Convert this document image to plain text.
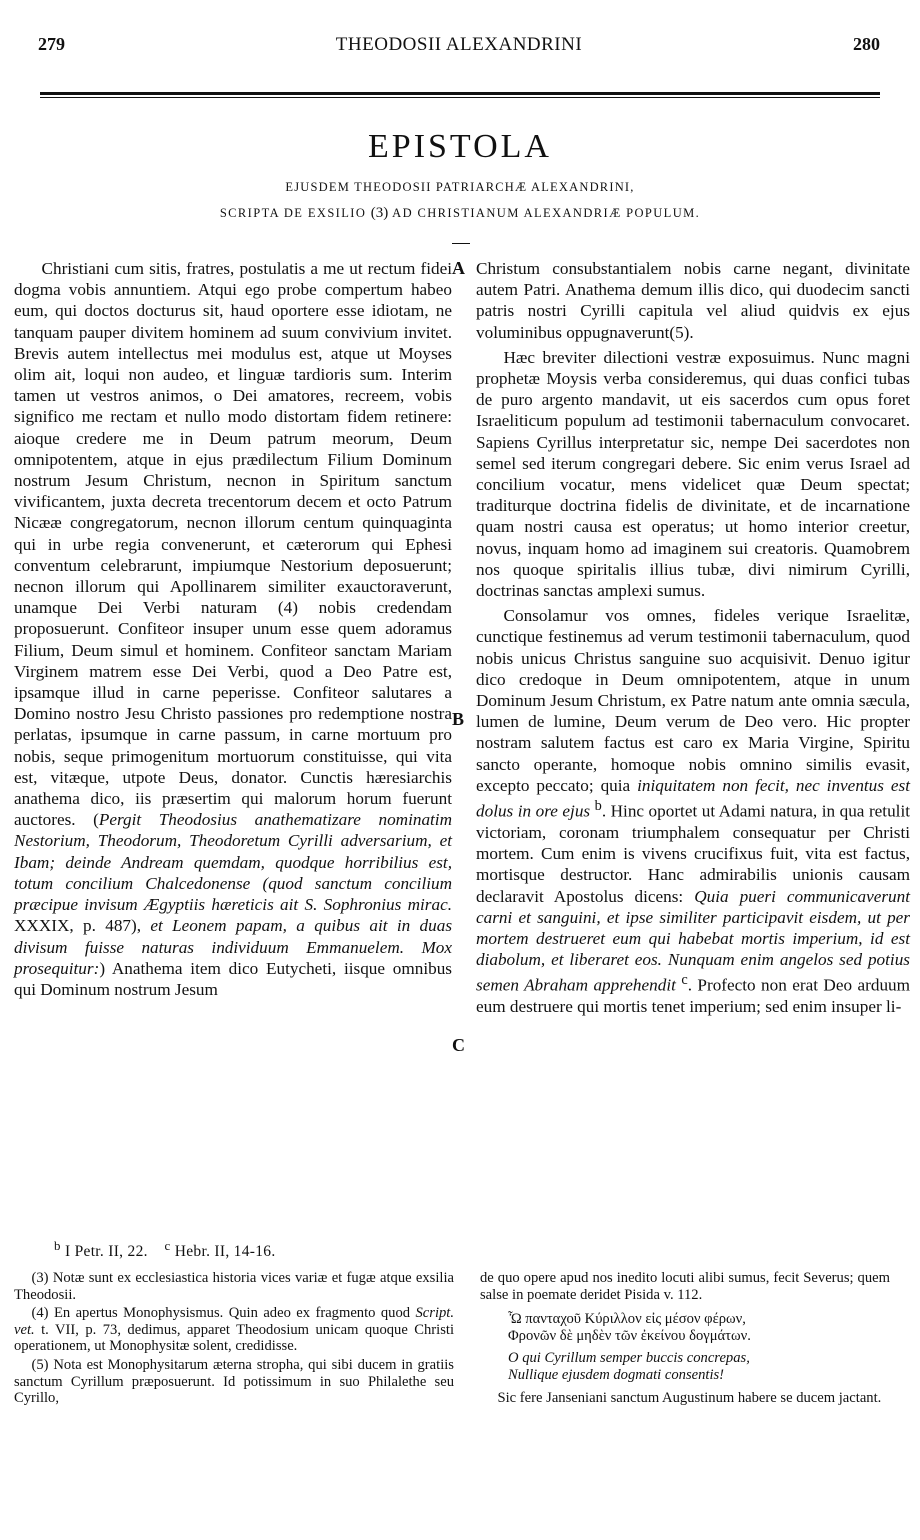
279	THEODOSII ALEXANDRINI	280
EPISTOLA
EJUSDEM THEODOSII PATRIARCHÆ ALEXANDRINI,
SCRIPTA DE EXSILIO (3) AD CHRISTIANUM ALEXANDRIÆ POPULUM.

Christiani cum sitis, fratres, postulatis a me ut rectum fidei dogma vobis annuntiem. Atqui ego probe compertum habeo eum, qui doctos docturus sit, haud oportere esse idiotam, ne tanquam pauper divitem hominem ad suum convivium invitet. Brevis autem intellectus mei modulus est, atque ut Moyses olim ait, loqui non audeo, et linguæ tardioris sum. Interim tamen ut vestros animos, o Dei amatores, recreem, vobis significo me rectam et nullo modo distortam fidem retinere: aioque credere me in Deum patrum meorum, Deum omnipotentem, atque in ejus prædilectum Filium Dominum nostrum Jesum Christum, necnon in Spiritum sanctum vivificantem, juxta decreta trecentorum decem et octo Patrum Nicææ congregatorum, necnon illorum centum quinquaginta qui in urbe regia convenerunt, et cæterorum qui Ephesi conventum celebrarunt, impiumque Nestorium deposuerunt; necnon illorum qui Apollinarem similiter exauctoraverunt, unamque Dei Verbi naturam (4) nobis credendam proposuerunt. Confiteor insuper unum esse quem adoramus Filium, Deum simul et hominem. Confiteor sanctam Mariam Virginem matrem esse Dei Verbi, quod a Deo Patre est, ipsamque illud in carne peperisse. Confiteor salutares a Domino nostro Jesu Christo passiones pro redemptione nostra perlatas, ipsumque in carne passum, in carne mortuum pro nobis, seque primogenitum mortuorum constituisse, qui vita est, vitæque, utpote Deus, donator. Cunctis hæresiarchis anathema dico, iis præsertim qui malorum horum fuerunt auctores. (Pergit Theodosius anathematizare nominatim Nestorium, Theodorum, Theodoretum Cyrilli adversarium, et Ibam; deinde Andream quemdam, quodque horribilius est, totum concilium Chalcedonense (quod sanctum concilium præcipue invisum Ægyptiis hæreticis ait S. Sophronius mirac. XXXIX, p. 487), et Leonem papam, a quibus ait in duas divisum fuisse naturas individuum Emmanuelem. Mox prosequitur:) Anathema item dico Eutycheti, iisque omnibus qui Dominum nostrum Jesum

A
B
C

Christum consubstantialem nobis carne negant, divinitate autem Patri. Anathema demum illis dico, qui duodecim sancti patris nostri Cyrilli capitula vel aliud quidvis ex ejus voluminibus oppugnaverunt(5).

Hæc breviter dilectioni vestræ exposuimus. Nunc magni prophetæ Moysis verba consideremus, qui duas confici tubas de puro argento mandavit, ut eis sacerdos cum opus foret Israeliticum populum ad testimonii tabernaculum convocaret. Sapiens Cyrillus interpretatur sic, nempe Dei sacerdotes non semel sed iterum congregari debere. Sic enim verus Israel ad concilium vocatur, mens videlicet quæ Deum spectat; traditurque doctrina fidelis de divinitate, et de incarnatione quam nostri causa est operatus; ut homo interior creetur, novus, inquam homo ad imaginem sui creatoris. Quamobrem nos quoque spiritalis illius tubæ, divi nimirum Cyrilli, doctrinas sanctas amplexi sumus.

Consolamur vos omnes, fideles verique Israelitæ, cunctique festinemus ad verum testimonii tabernaculum, quod nobis unicus Christus sanguine suo acquisivit. Denuo igitur dico credoque in Deum omnipotentem, atque in unum Dominum Jesum Christum, ex Patre natum ante omnia sæcula, lumen de lumine, Deum verum de Deo vero. Hic propter nostram salutem factus est caro ex Maria Virgine, Spiritu sancto operante, homoque nobis omnino similis evasit, excepto peccato; quia iniquitatem non fecit, nec inventus est dolus in ore ejus $^b$. Hinc oportet ut Adami natura, in qua retulit victoriam, coronam triumphalem consequatur per Christi mortem. Cum enim is vivens crucifixus fuit, vita est factus, mortisque destructor. Hanc admirabilis unionis causam declaravit Apostolus dicens: Quia pueri communicaverunt carni et sanguini, et ipse similiter participavit eisdem, ut per mortem destrueret eum qui habebat mortis imperium, id est diabolum, et liberaret eos. Nunquam enim angelos sed potius semen Abraham apprehendit $^c$. Profecto non erat Deo arduum eum destruere qui mortis tenet imperium; sed enim insuper li-

$^b$ I Petr. II, 22. $^c$ Hebr. II, 14-16.

(3) Notæ sunt ex ecclesiastica historia vices variæ et fugæ atque exsilia Theodosii.

(4) En apertus Monophysismus. Quin adeo ex fragmento quod Script. vet. t. VII, p. 73, dedimus, apparet Theodosium unicam quoque Christi operationem, ut Monophysitæ solent, credidisse.

(5) Nota est Monophysitarum æterna stropha, qui sibi ducem in gratiis sanctum Cyrillum præposuerunt. Id potissimum in suo Philalethe seu Cyrillo,

de quo opere apud nos inedito locuti alibi sumus, fecit Severus; quem salse in poemate deridet Pisida v. 112.

Ὦ πανταχοῦ Κύριλλον εἰς μέσον φέρων,
Φρονῶν δὲ μηδὲν τῶν ἐκείνου δογμάτων.
O qui Cyrillum semper buccis concrepas,
Nullique ejusdem dogmati consentis!

Sic fere Janseniani sanctum Augustinum habere se ducem jactant.
